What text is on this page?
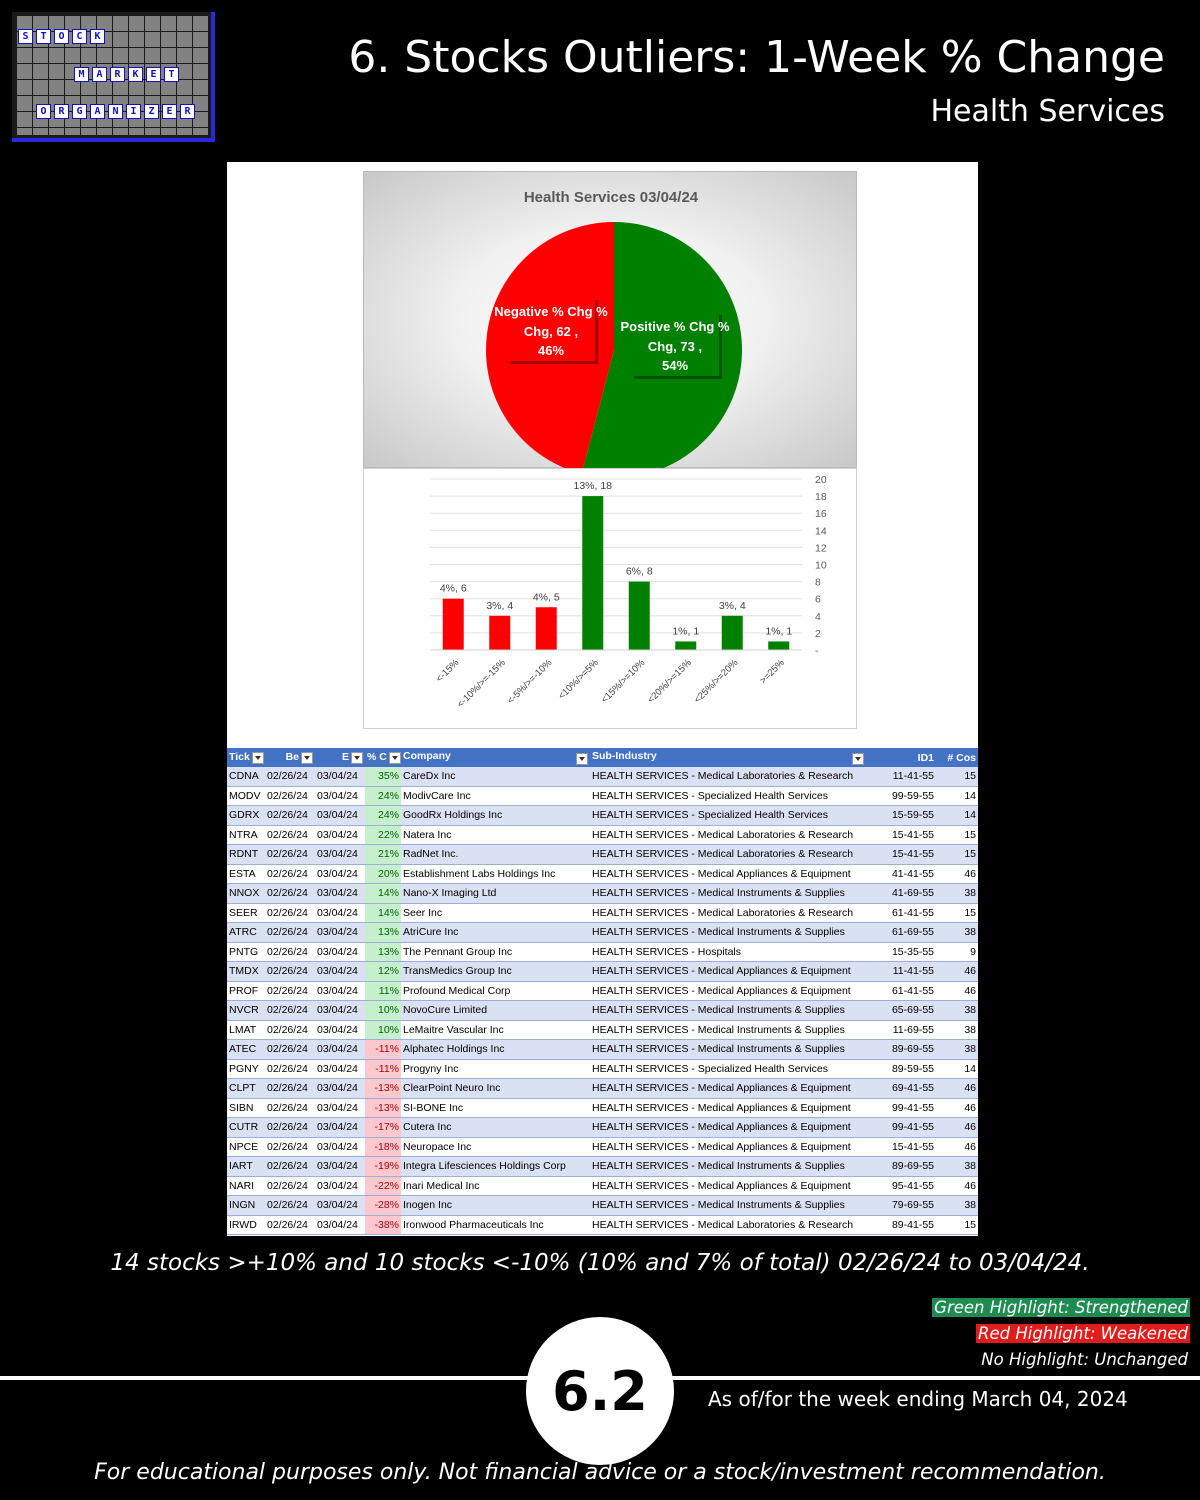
S	T	O	C	K
M	A	R	K	E	T
O	R	G	A	N	I	Z	E	R
6. Stocks Outliers: 1-Week % Change
Health Services
Health Services 03/04/24
Negative % Chg %
Chg, 62 ,
46%
Positive % Chg %
Chg, 73 ,
54%
20
18
16
14
12
10
8
6
4
2
-
4%, 6
<-15%
3%, 4
<-10%/>=-15%
4%, 5
<-5%/>=-10%
13%, 18
<10%/>=5%
6%, 8
<15%/>=10%
1%, 1
<20%/>=15%
3%, 4
<25%/>=20%
1%, 1
>=25%
Tick	Be	E	% C	Company	Sub-Industry	ID1	# Cos
CDNA	02/26/24	03/04/24	35%	CareDx Inc	HEALTH SERVICES - Medical Laboratories & Research	11-41-55	15
MODV	02/26/24	03/04/24	24%	ModivCare Inc	HEALTH SERVICES - Specialized Health Services	99-59-55	14
GDRX	02/26/24	03/04/24	24%	GoodRx Holdings Inc	HEALTH SERVICES - Specialized Health Services	15-59-55	14
NTRA	02/26/24	03/04/24	22%	Natera Inc	HEALTH SERVICES - Medical Laboratories & Research	15-41-55	15
RDNT	02/26/24	03/04/24	21%	RadNet Inc.	HEALTH SERVICES - Medical Laboratories & Research	15-41-55	15
ESTA	02/26/24	03/04/24	20%	Establishment Labs Holdings Inc	HEALTH SERVICES - Medical Appliances & Equipment	41-41-55	46
NNOX	02/26/24	03/04/24	14%	Nano-X Imaging Ltd	HEALTH SERVICES - Medical Instruments & Supplies	41-69-55	38
SEER	02/26/24	03/04/24	14%	Seer Inc	HEALTH SERVICES - Medical Laboratories & Research	61-41-55	15
ATRC	02/26/24	03/04/24	13%	AtriCure Inc	HEALTH SERVICES - Medical Instruments & Supplies	61-69-55	38
PNTG	02/26/24	03/04/24	13%	The Pennant Group Inc	HEALTH SERVICES - Hospitals	15-35-55	9
TMDX	02/26/24	03/04/24	12%	TransMedics Group Inc	HEALTH SERVICES - Medical Appliances & Equipment	11-41-55	46
PROF	02/26/24	03/04/24	11%	Profound Medical Corp	HEALTH SERVICES - Medical Appliances & Equipment	61-41-55	46
NVCR	02/26/24	03/04/24	10%	NovoCure Limited	HEALTH SERVICES - Medical Instruments & Supplies	65-69-55	38
LMAT	02/26/24	03/04/24	10%	LeMaitre Vascular Inc	HEALTH SERVICES - Medical Instruments & Supplies	11-69-55	38
ATEC	02/26/24	03/04/24	-11%	Alphatec Holdings Inc	HEALTH SERVICES - Medical Instruments & Supplies	89-69-55	38
PGNY	02/26/24	03/04/24	-11%	Progyny Inc	HEALTH SERVICES - Specialized Health Services	89-59-55	14
CLPT	02/26/24	03/04/24	-13%	ClearPoint Neuro Inc	HEALTH SERVICES - Medical Appliances & Equipment	69-41-55	46
SIBN	02/26/24	03/04/24	-13%	SI-BONE Inc	HEALTH SERVICES - Medical Appliances & Equipment	99-41-55	46
CUTR	02/26/24	03/04/24	-17%	Cutera Inc	HEALTH SERVICES - Medical Appliances & Equipment	99-41-55	46
NPCE	02/26/24	03/04/24	-18%	Neuropace Inc	HEALTH SERVICES - Medical Appliances & Equipment	15-41-55	46
IART	02/26/24	03/04/24	-19%	Integra Lifesciences Holdings Corp	HEALTH SERVICES - Medical Instruments & Supplies	89-69-55	38
NARI	02/26/24	03/04/24	-22%	Inari Medical Inc	HEALTH SERVICES - Medical Appliances & Equipment	95-41-55	46
INGN	02/26/24	03/04/24	-28%	Inogen Inc	HEALTH SERVICES - Medical Instruments & Supplies	79-69-55	38
IRWD	02/26/24	03/04/24	-38%	Ironwood Pharmaceuticals Inc	HEALTH SERVICES - Medical Laboratories & Research	89-41-55	15
14 stocks >+10% and 10 stocks <-10% (10% and 7% of total) 02/26/24 to 03/04/24.
Green Highlight: Strengthened
Red Highlight: Weakened
No Highlight: Unchanged
6.2	As of/for the week ending March 04, 2024
For educational purposes only. Not financial advice or a stock/investment recommendation.
